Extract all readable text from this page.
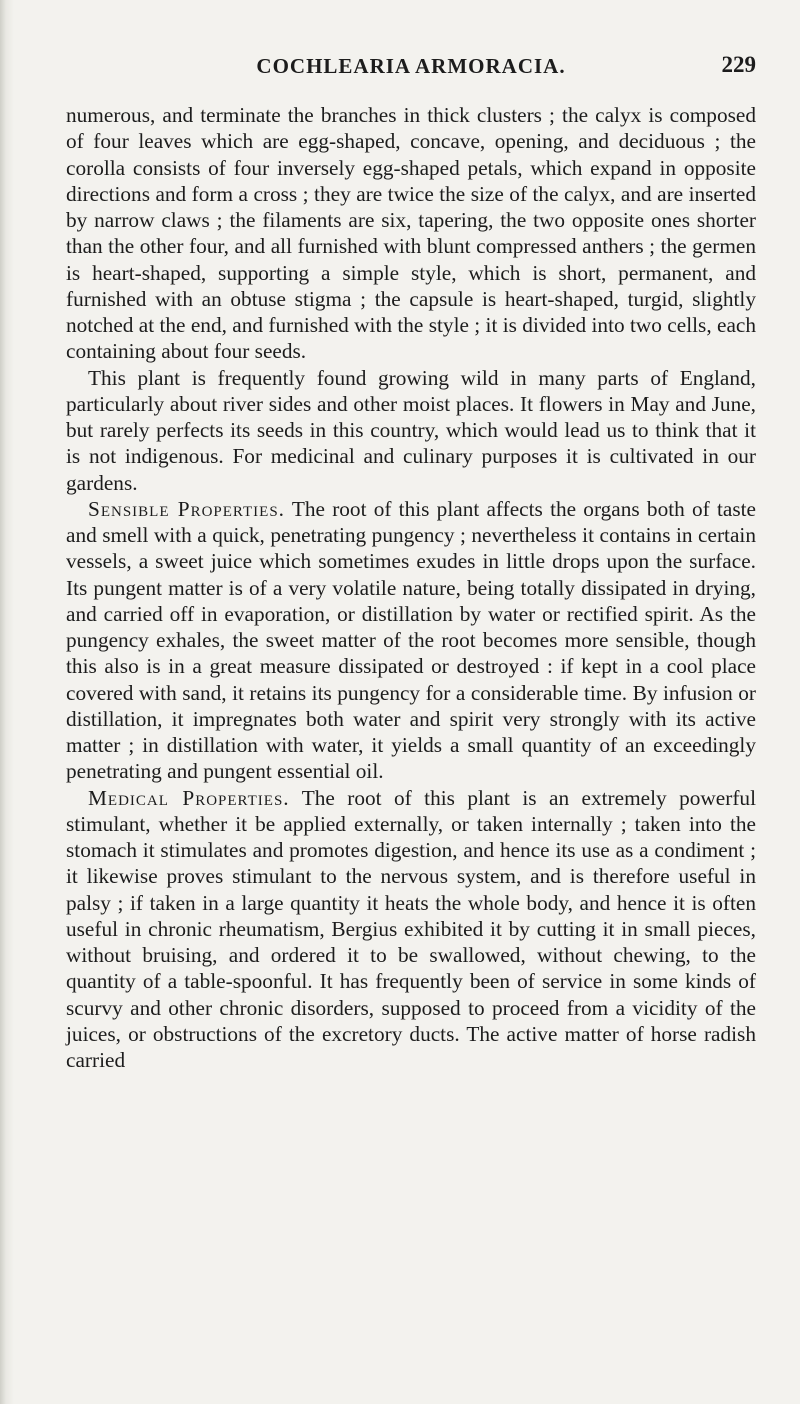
COCHLEARIA ARMORACIA.	229

numerous, and terminate the branches in thick clusters ; the calyx is composed of four leaves which are egg-shaped, concave, opening, and deciduous ; the corolla consists of four inversely egg-shaped petals, which expand in opposite directions and form a cross ; they are twice the size of the calyx, and are inserted by narrow claws ; the filaments are six, tapering, the two opposite ones shorter than the other four, and all furnished with blunt compressed anthers ; the germen is heart-shaped, supporting a simple style, which is short, permanent, and furnished with an obtuse stigma ; the capsule is heart-shaped, turgid, slightly notched at the end, and furnished with the style ; it is divided into two cells, each containing about four seeds.

This plant is frequently found growing wild in many parts of England, particularly about river sides and other moist places. It flowers in May and June, but rarely perfects its seeds in this country, which would lead us to think that it is not indigenous. For medicinal and culinary purposes it is cultivated in our gardens.

Sensible Properties. The root of this plant affects the organs both of taste and smell with a quick, penetrating pungency ; nevertheless it contains in certain vessels, a sweet juice which sometimes exudes in little drops upon the surface. Its pungent matter is of a very volatile nature, being totally dissipated in drying, and carried off in evaporation, or distillation by water or rectified spirit. As the pungency exhales, the sweet matter of the root becomes more sensible, though this also is in a great measure dissipated or destroyed : if kept in a cool place covered with sand, it retains its pungency for a considerable time. By infusion or distillation, it impregnates both water and spirit very strongly with its active matter ; in distillation with water, it yields a small quantity of an exceedingly penetrating and pungent essential oil.

Medical Properties. The root of this plant is an extremely powerful stimulant, whether it be applied externally, or taken internally ; taken into the stomach it stimulates and promotes digestion, and hence its use as a condiment ; it likewise proves stimulant to the nervous system, and is therefore useful in palsy ; if taken in a large quantity it heats the whole body, and hence it is often useful in chronic rheumatism, Bergius exhibited it by cutting it in small pieces, without bruising, and ordered it to be swallowed, without chewing, to the quantity of a table-spoonful. It has frequently been of service in some kinds of scurvy and other chronic disorders, supposed to proceed from a vicidity of the juices, or obstructions of the excretory ducts. The active matter of horse radish carried
